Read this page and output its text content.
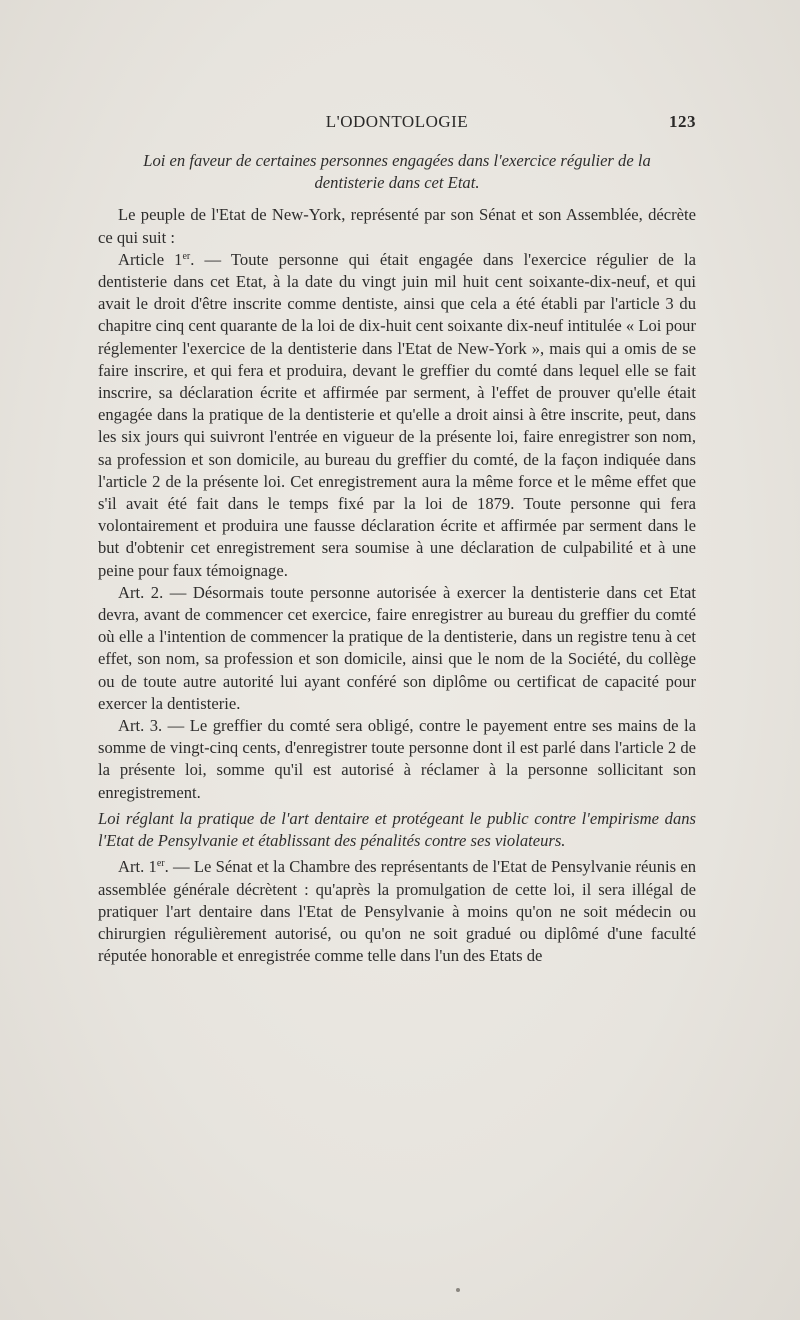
L'ODONTOLOGIE	123

Loi en faveur de certaines personnes engagées dans l'exercice régulier de la

dentisterie dans cet Etat.

Le peuple de l'Etat de New-York, représenté par son Sénat et son Assemblée, décrète ce qui suit :

Article 1er. — Toute personne qui était engagée dans l'exercice régulier de la dentisterie dans cet Etat, à la date du vingt juin mil huit cent soixante-dix-neuf, et qui avait le droit d'être inscrite comme dentiste, ainsi que cela a été établi par l'article 3 du chapitre cinq cent quarante de la loi de dix-huit cent soixante dix-neuf intitulée « Loi pour réglementer l'exercice de la dentisterie dans l'Etat de New-York », mais qui a omis de se faire inscrire, et qui fera et produira, devant le greffier du comté dans lequel elle se fait inscrire, sa déclaration écrite et affirmée par serment, à l'effet de prouver qu'elle était engagée dans la pratique de la dentisterie et qu'elle a droit ainsi à être inscrite, peut, dans les six jours qui suivront l'entrée en vigueur de la présente loi, faire enregistrer son nom, sa profession et son domicile, au bureau du greffier du comté, de la façon indiquée dans l'article 2 de la présente loi. Cet enregistrement aura la même force et le même effet que s'il avait été fait dans le temps fixé par la loi de 1879. Toute personne qui fera volontairement et produira une fausse déclaration écrite et affirmée par serment dans le but d'obtenir cet enregistrement sera soumise à une déclaration de culpabilité et à une peine pour faux témoignage.

Art. 2. — Désormais toute personne autorisée à exercer la dentisterie dans cet Etat devra, avant de commencer cet exercice, faire enregistrer au bureau du greffier du comté où elle a l'intention de commencer la pratique de la dentisterie, dans un registre tenu à cet effet, son nom, sa profession et son domicile, ainsi que le nom de la Société, du collège ou de toute autre autorité lui ayant conféré son diplôme ou certificat de capacité pour exercer la dentisterie.

Art. 3. — Le greffier du comté sera obligé, contre le payement entre ses mains de la somme de vingt-cinq cents, d'enregistrer toute personne dont il est parlé dans l'article 2 de la présente loi, somme qu'il est autorisé à réclamer à la personne sollicitant son enregistrement.

Loi réglant la pratique de l'art dentaire et protégeant le public contre l'empirisme dans l'Etat de Pensylvanie et établissant des pénalités contre ses violateurs.

Art. 1er. — Le Sénat et la Chambre des représentants de l'Etat de Pensylvanie réunis en assemblée générale décrètent : qu'après la promulgation de cette loi, il sera illégal de pratiquer l'art dentaire dans l'Etat de Pensylvanie à moins qu'on ne soit médecin ou chirurgien régulièrement autorisé, ou qu'on ne soit gradué ou diplômé d'une faculté réputée honorable et enregistrée comme telle dans l'un des Etats de
